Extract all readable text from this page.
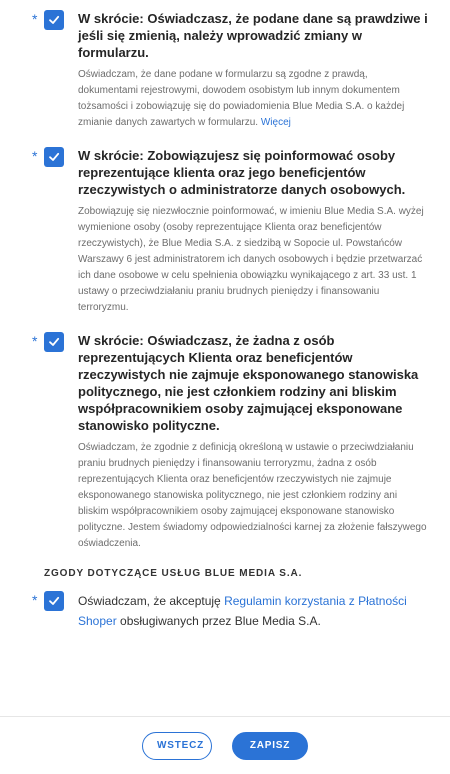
*	W skrócie: Oświadczasz, że podane dane są prawdziwe i jeśli się zmienią, należy wprowadzić zmiany w formularzu.
Oświadczam, że dane podane w formularzu są zgodne z prawdą, dokumentami rejestrowymi, dowodem osobistym lub innym dokumentem tożsamości i zobowiązuję się do powiadomienia Blue Media S.A. o każdej zmianie danych zawartych w formularzu. Więcej
*	W skrócie: Zobowiązujesz się poinformować osoby reprezentujące klienta oraz jego beneficjentów rzeczywistych o administratorze danych osobowych.
Zobowiązuję się niezwłocznie poinformować, w imieniu Blue Media S.A. wyżej wymienione osoby (osoby reprezentujące Klienta oraz beneficjentów rzeczywistych), że Blue Media S.A. z siedzibą w Sopocie ul. Powstańców Warszawy 6 jest administratorem ich danych osobowych i będzie przetwarzać ich dane osobowe w celu spełnienia obowiązku wynikającego z art. 33 ust. 1 ustawy o przeciwdziałaniu praniu brudnych pieniędzy i finansowaniu terroryzmu.
*	W skrócie: Oświadczasz, że żadna z osób reprezentujących Klienta oraz beneficjentów rzeczywistych nie zajmuje eksponowanego stanowiska politycznego, nie jest członkiem rodziny ani bliskim współpracownikiem osoby zajmującej eksponowane stanowisko polityczne.
Oświadczam, że zgodnie z definicją określoną w ustawie o przeciwdziałaniu praniu brudnych pieniędzy i finansowaniu terroryzmu, żadna z osób reprezentujących Klienta oraz beneficjentów rzeczywistych nie zajmuje eksponowanego stanowiska politycznego, nie jest członkiem rodziny ani bliskim współpracownikiem osoby zajmującej eksponowane stanowisko polityczne. Jestem świadomy odpowiedzialności karnej za złożenie fałszywego oświadczenia.
ZGODY DOTYCZĄCE USŁUG BLUE MEDIA S.A.
*	Oświadczam, że akceptuję Regulamin korzystania z Płatności Shoper obsługiwanych przez Blue Media S.A.
WSTECZ	ZAPISZ
